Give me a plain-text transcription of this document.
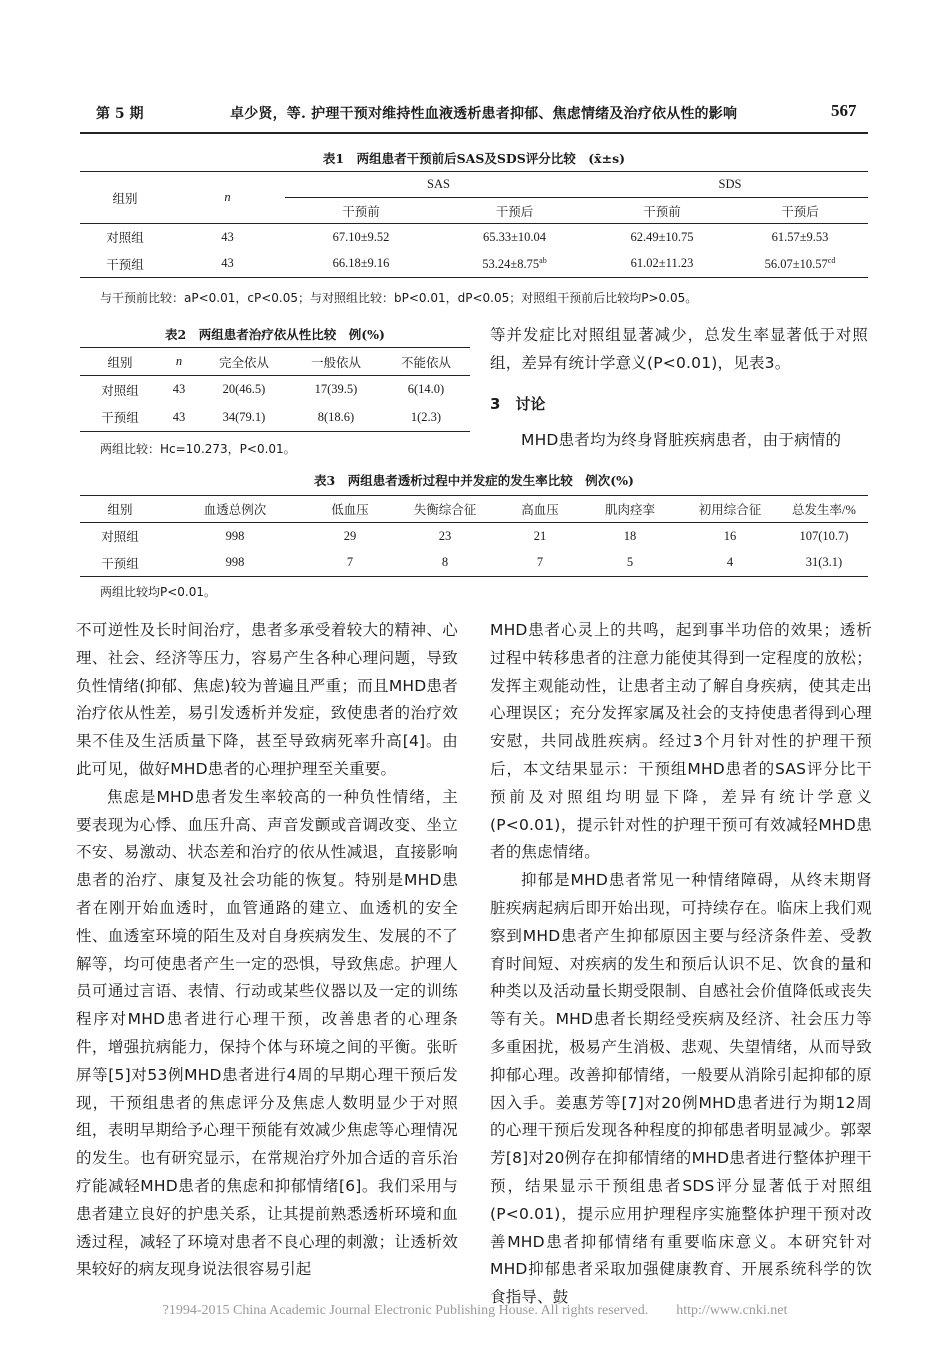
第 5 期	卓少贤，等. 护理干预对维持性血液透析患者抑郁、焦虑情绪及治疗依从性的影响	567
表1　两组患者干预前后SAS及SDS评分比较　(x̄±s)
组别	n	SAS		SDS	
		干预前	干预后	干预前	干预后
对照组	43	67.10±9.52	65.33±10.04	62.49±10.75	61.57±9.53
干预组	43	66.18±9.16	53.24±8.75$^{ab}$	61.02±11.23	56.07±10.57$^{cd}$
与干预前比较：aP<0.01，cP<0.05；与对照组比较：bP<0.01，dP<0.05；对照组干预前后比较均P>0.05。
表2　两组患者治疗依从性比较　例(%)
组别	n	完全依从	一般依从	不能依从
对照组	43	20(46.5)	17(39.5)	6(14.0)
干预组	43	34(79.1)	8(18.6)	1(2.3)
两组比较：Hc=10.273，P<0.01。
等并发症比对照组显著减少，总发生率显著低于对照组，差异有统计学意义(P<0.01)，见表3。
3　讨论
MHD患者均为终身肾脏疾病患者，由于病情的
表3　两组患者透析过程中并发症的发生率比较　例次(%)
组别	血透总例次	低血压	失衡综合征	高血压	肌肉痉挛	初用综合征	总发生率/%
对照组	998	29	23	21	18	16	107(10.7)
干预组	998	7	8	7	5	4	31(3.1)
两组比较均P<0.01。

不可逆性及长时间治疗，患者多承受着较大的精神、心理、社会、经济等压力，容易产生各种心理问题，导致负性情绪(抑郁、焦虑)较为普遍且严重；而且MHD患者治疗依从性差，易引发透析并发症，致使患者的治疗效果不佳及生活质量下降，甚至导致病死率升高[4]。由此可见，做好MHD患者的心理护理至关重要。

焦虑是MHD患者发生率较高的一种负性情绪，主要表现为心悸、血压升高、声音发颤或音调改变、坐立不安、易激动、状态差和治疗的依从性减退，直接影响患者的治疗、康复及社会功能的恢复。特别是MHD患者在刚开始血透时，血管通路的建立、血透机的安全性、血透室环境的陌生及对自身疾病发生、发展的不了解等，均可使患者产生一定的恐惧，导致焦虑。护理人员可通过言语、表情、行动或某些仪器以及一定的训练程序对MHD患者进行心理干预，改善患者的心理条件，增强抗病能力，保持个体与环境之间的平衡。张昕屏等[5]对53例MHD患者进行4周的早期心理干预后发现，干预组患者的焦虑评分及焦虑人数明显少于对照组，表明早期给予心理干预能有效减少焦虑等心理情况的发生。也有研究显示，在常规治疗外加合适的音乐治疗能减轻MHD患者的焦虑和抑郁情绪[6]。我们采用与患者建立良好的护患关系，让其提前熟悉透析环境和血透过程，减轻了环境对患者不良心理的刺激；让透析效果较好的病友现身说法很容易引起

MHD患者心灵上的共鸣，起到事半功倍的效果；透析过程中转移患者的注意力能使其得到一定程度的放松；发挥主观能动性，让患者主动了解自身疾病，使其走出心理误区；充分发挥家属及社会的支持使患者得到心理安慰，共同战胜疾病。经过3个月针对性的护理干预后，本文结果显示：干预组MHD患者的SAS评分比干预前及对照组均明显下降，差异有统计学意义(P<0.01)，提示针对性的护理干预可有效减轻MHD患者的焦虑情绪。

抑郁是MHD患者常见一种情绪障碍，从终末期肾脏疾病起病后即开始出现，可持续存在。临床上我们观察到MHD患者产生抑郁原因主要与经济条件差、受教育时间短、对疾病的发生和预后认识不足、饮食的量和种类以及活动量长期受限制、自感社会价值降低或丧失等有关。MHD患者长期经受疾病及经济、社会压力等多重困扰，极易产生消极、悲观、失望情绪，从而导致抑郁心理。改善抑郁情绪，一般要从消除引起抑郁的原因入手。姜惠芳等[7]对20例MHD患者进行为期12周的心理干预后发现各种程度的抑郁患者明显减少。郭翠芳[8]对20例存在抑郁情绪的MHD患者进行整体护理干预，结果显示干预组患者SDS评分显著低于对照组(P<0.01)，提示应用护理程序实施整体护理干预对改善MHD患者抑郁情绪有重要临床意义。本研究针对MHD抑郁患者采取加强健康教育、开展系统科学的饮食指导、鼓

?1994-2015 China Academic Journal Electronic Publishing House. All rights reserved.　　http://www.cnki.net
